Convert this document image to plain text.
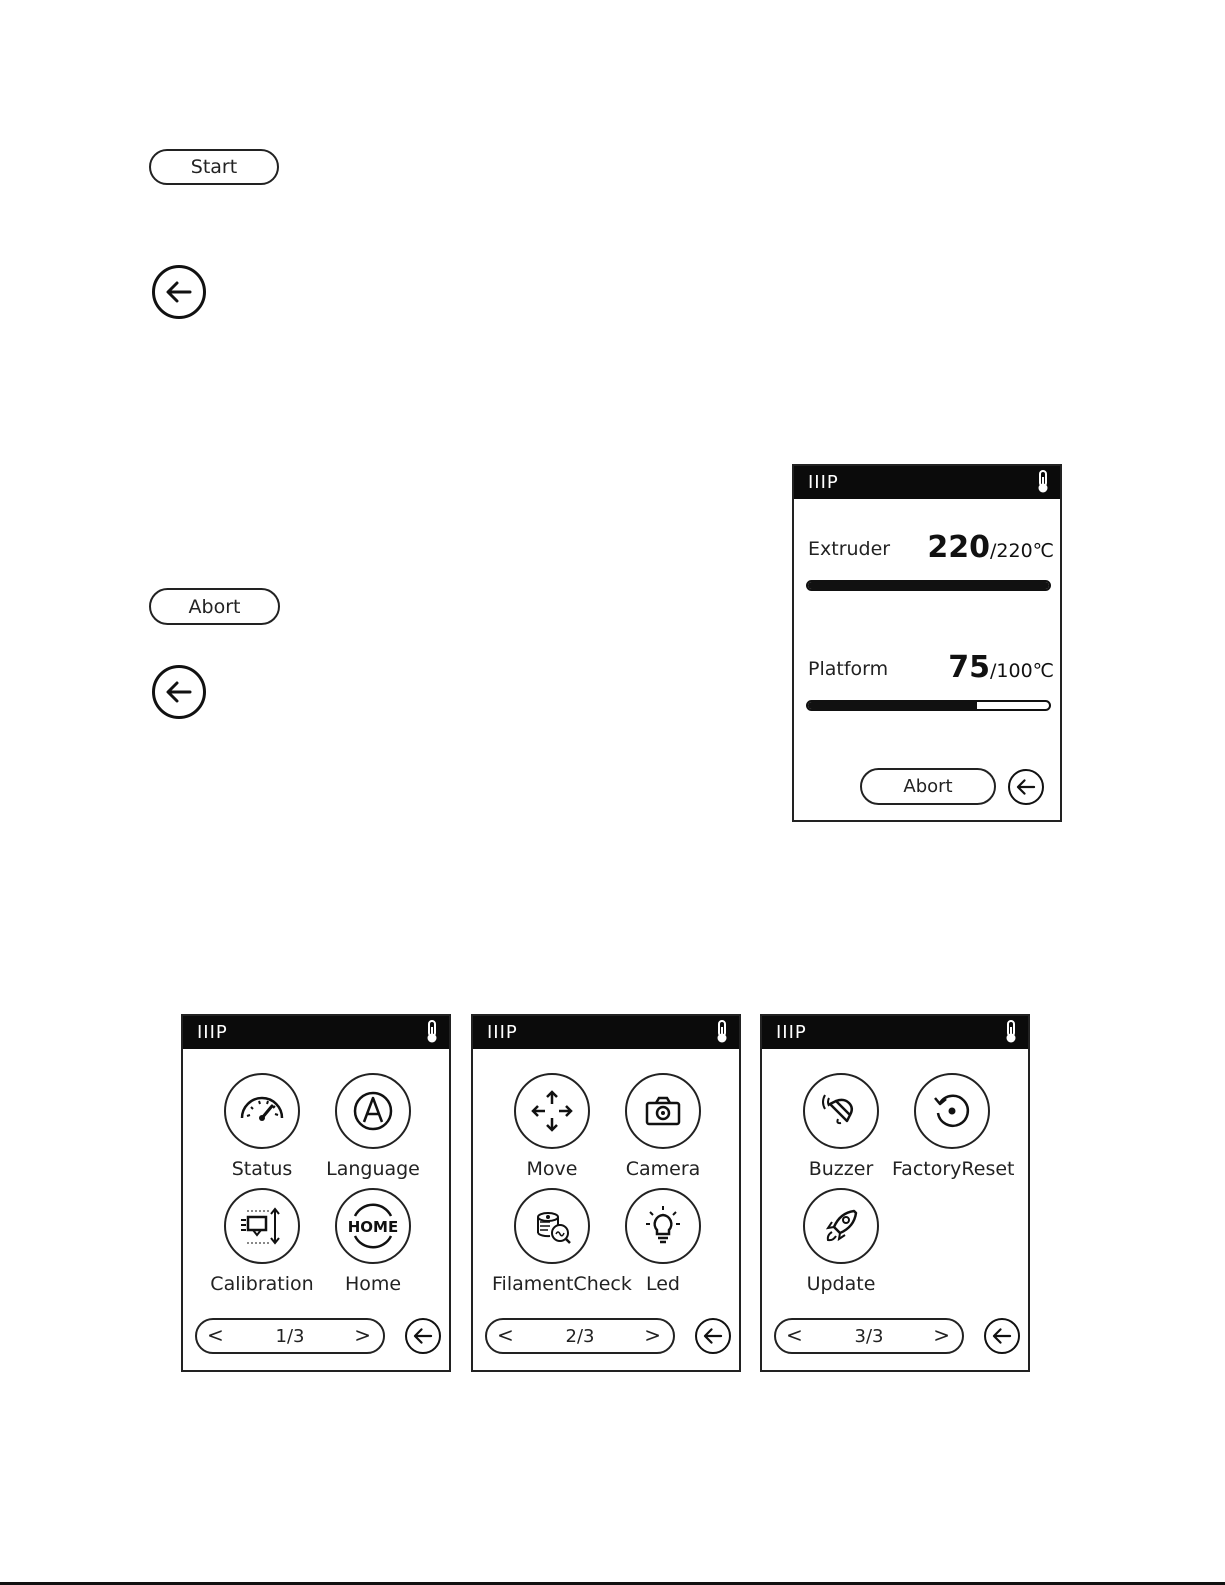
Start
Abort
IIIP
Extruder 220/220℃
Platform 75/100℃
Abort
IIIP
Status	Language
Calibration
HOME
Home
<	1/3	>
IIIP
Move	Camera
FilamentCheck Led
<	2/3	>
IIIP
Buzzer FactoryReset
Update
<	3/3	>
